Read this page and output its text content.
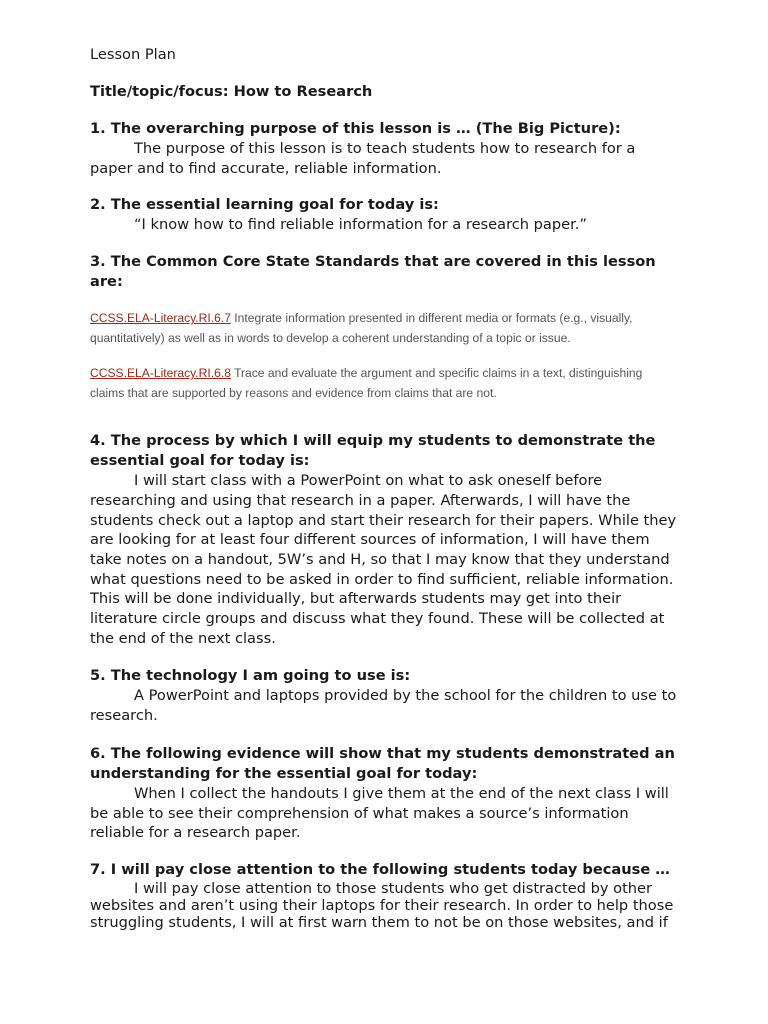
Lesson Plan

Title/topic/focus: How to Research

1. The overarching purpose of this lesson is … (The Big Picture):

The purpose of this lesson is to teach students how to research for a paper and to find accurate, reliable information.

2. The essential learning goal for today is:

“I know how to find reliable information for a research paper.”

3. The Common Core State Standards that are covered in this lesson are:

CCSS.ELA-Literacy.RI.6.7 Integrate information presented in different media or formats (e.g., visually, quantitatively) as well as in words to develop a coherent understanding of a topic or issue.

CCSS.ELA-Literacy.RI.6.8 Trace and evaluate the argument and specific claims in a text, distinguishing claims that are supported by reasons and evidence from claims that are not.

4. The process by which I will equip my students to demonstrate the essential goal for today is:

I will start class with a PowerPoint on what to ask oneself before researching and using that research in a paper. Afterwards, I will have the students check out a laptop and start their research for their papers. While they are looking for at least four different sources of information, I will have them take notes on a handout, 5W’s and H, so that I may know that they understand what questions need to be asked in order to find sufficient, reliable information. This will be done individually, but afterwards students may get into their literature circle groups and discuss what they found. These will be collected at the end of the next class.

5. The technology I am going to use is:

A PowerPoint and laptops provided by the school for the children to use to research.

6. The following evidence will show that my students demonstrated an understanding for the essential goal for today:

When I collect the handouts I give them at the end of the next class I will be able to see their comprehension of what makes a source’s information reliable for a research paper.

7. I will pay close attention to the following students today because …

I will pay close attention to those students who get distracted by other websites and aren’t using their laptops for their research. In order to help those struggling students, I will at first warn them to not be on those websites, and if
